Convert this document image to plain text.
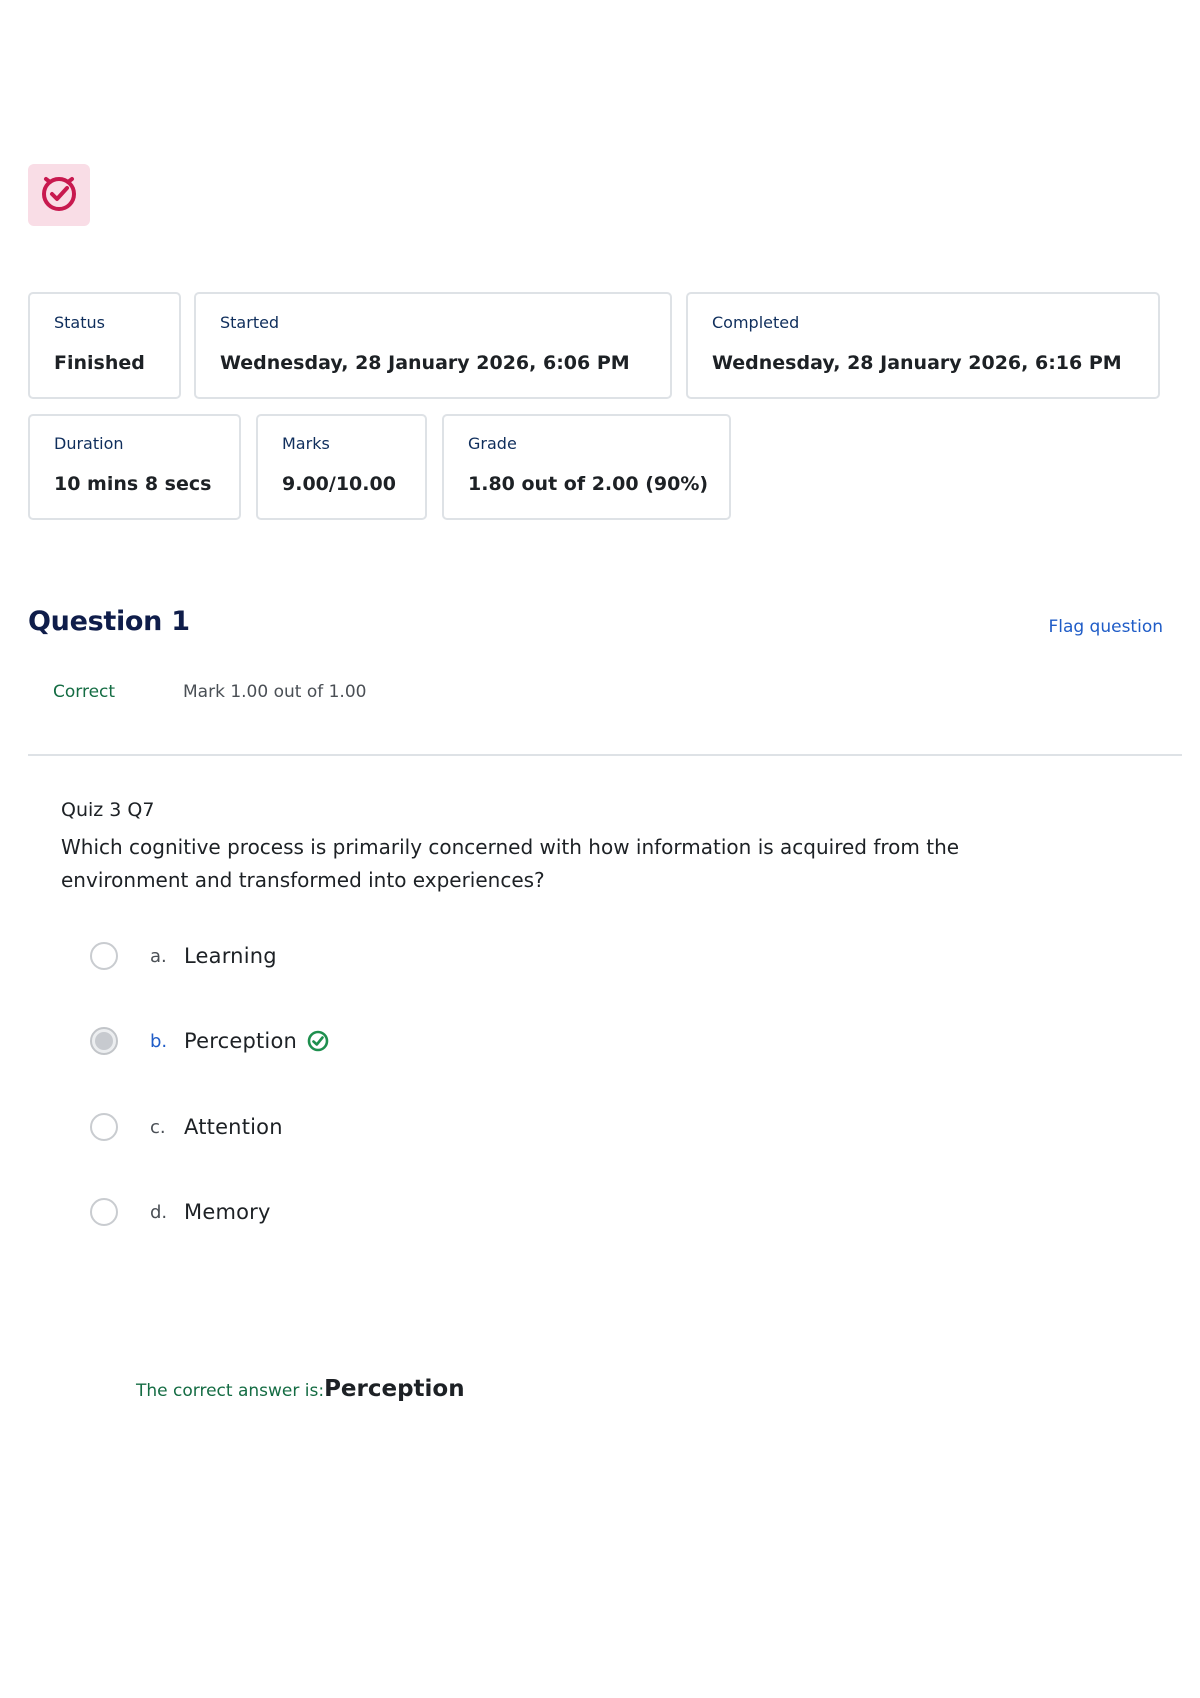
Status
Finished
Started
Wednesday, 28 January 2026, 6:06 PM
Completed
Wednesday, 28 January 2026, 6:16 PM
Duration
10 mins 8 secs
Marks
9.00/10.00
Grade
1.80 out of 2.00 (90%)
Question 1	Flag question
Correct	Mark 1.00 out of 1.00
Quiz 3 Q7
Which cognitive process is primarily concerned with how information is acquired from the environment and transformed into experiences?
a. Learning
b. Perception
c. Attention
d. Memory
The correct answer is: Perception
